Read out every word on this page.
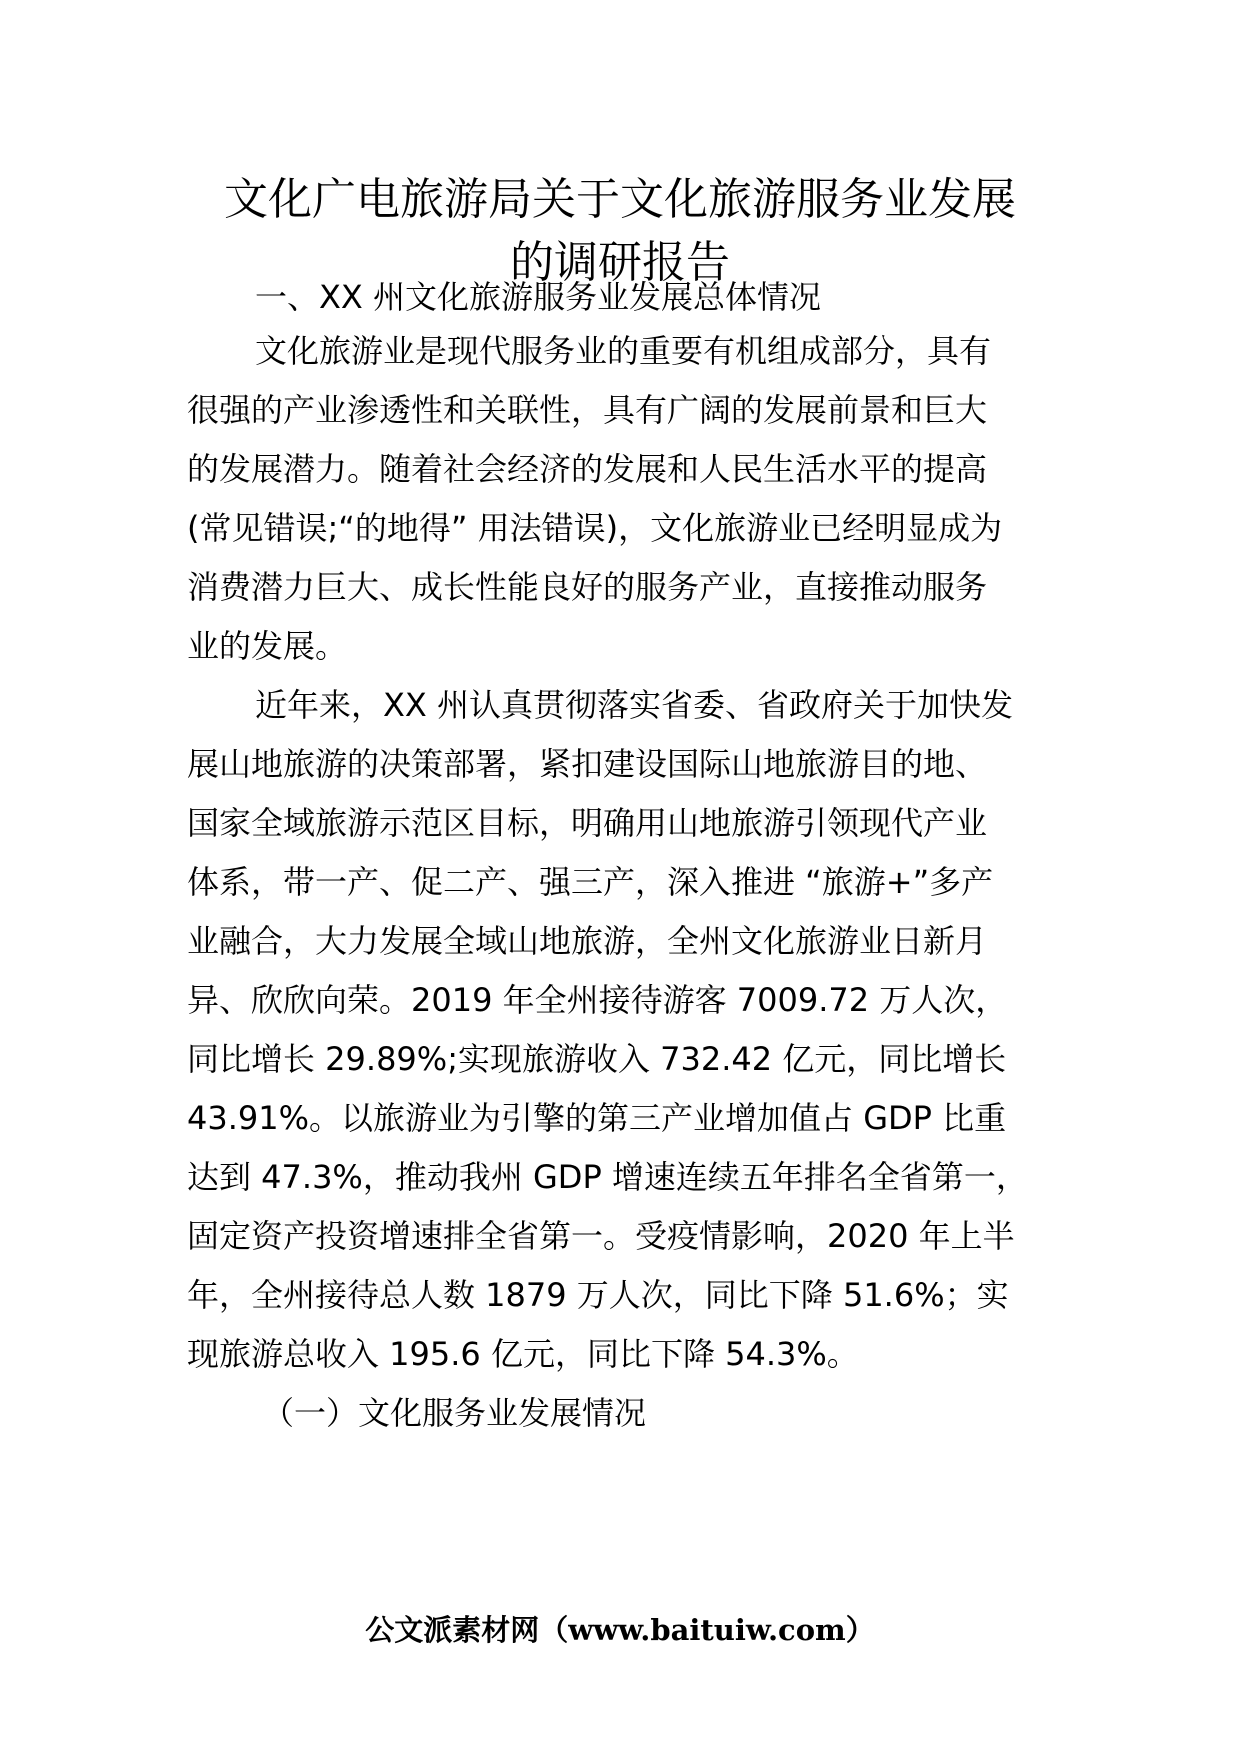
文化广电旅游局关于文化旅游服务业发展
的调研报告

一、XX 州文化旅游服务业发展总体情况

文化旅游业是现代服务业的重要有机组成部分，具有

很强的产业渗透性和关联性，具有广阔的发展前景和巨大

的发展潜力。随着社会经济的发展和人民生活水平的提高

(常见错误;“的地得” 用法错误)，文化旅游业已经明显成为

消费潜力巨大、成长性能良好的服务产业，直接推动服务

业的发展。

近年来，XX 州认真贯彻落实省委、省政府关于加快发

展山地旅游的决策部署，紧扣建设国际山地旅游目的地、

国家全域旅游示范区目标，明确用山地旅游引领现代产业

体系，带一产、促二产、强三产，深入推进 “旅游+”多产

业融合，大力发展全域山地旅游，全州文化旅游业日新月

异、欣欣向荣。2019 年全州接待游客 7009.72 万人次，

同比增长 29.89%;实现旅游收入 732.42 亿元，同比增长

43.91%。以旅游业为引擎的第三产业增加值占 GDP 比重

达到 47.3%，推动我州 GDP 增速连续五年排名全省第一，

固定资产投资增速排全省第一。受疫情影响，2020 年上半

年，全州接待总人数 1879 万人次，同比下降 51.6%；实

现旅游总收入 195.6 亿元，同比下降 54.3%。

（一）文化服务业发展情况

公文派素材网（www.baituiw.com）
